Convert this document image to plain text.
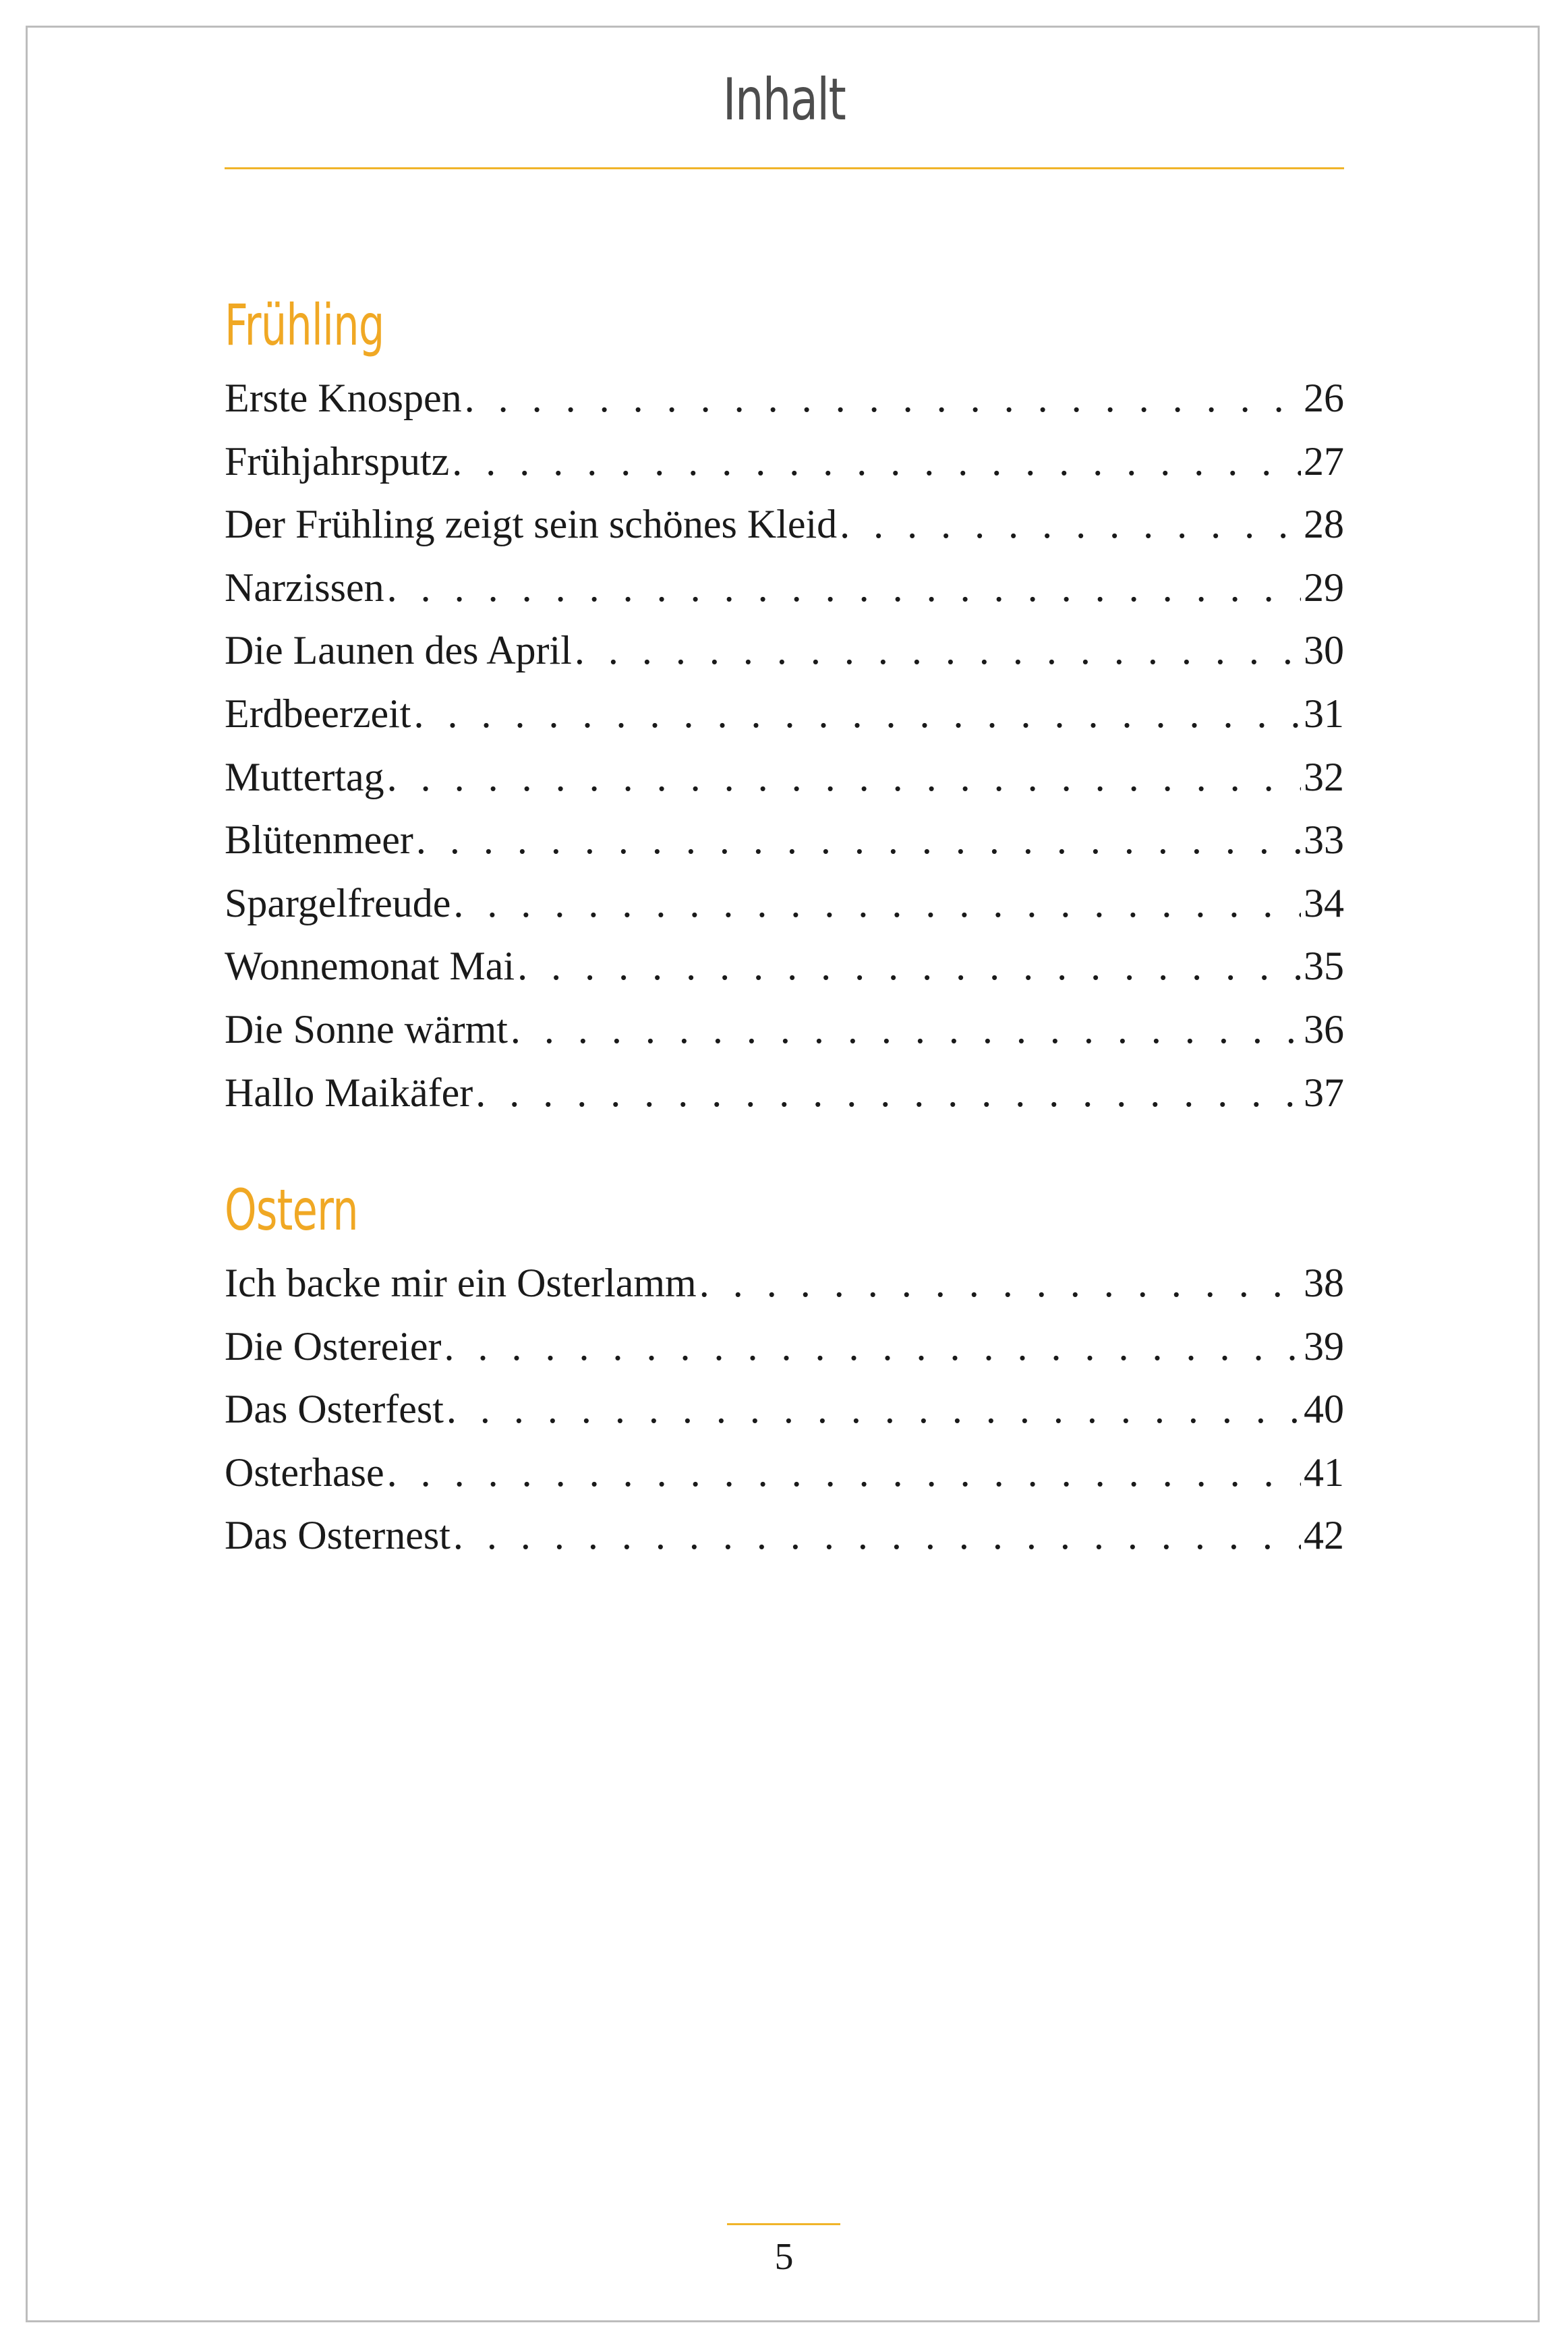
Inhalt
Frühling
Erste Knospen . . .	26
Frühjahrsputz . . .	27
Der Frühling zeigt sein schönes Kleid . . .	28
Narzissen . . .	29
Die Launen des April . . .	30
Erdbeerzeit . . .	31
Muttertag . . .	32
Blütenmeer . . .	33
Spargelfreude . . .	34
Wonnemonat Mai . . .	35
Die Sonne wärmt . . .	36
Hallo Maikäfer . . .	37
Ostern
Ich backe mir ein Osterlamm . . .	38
Die Ostereier . . .	39
Das Osterfest . . .	40
Osterhase . . .	41
Das Osternest . . .	42
5
